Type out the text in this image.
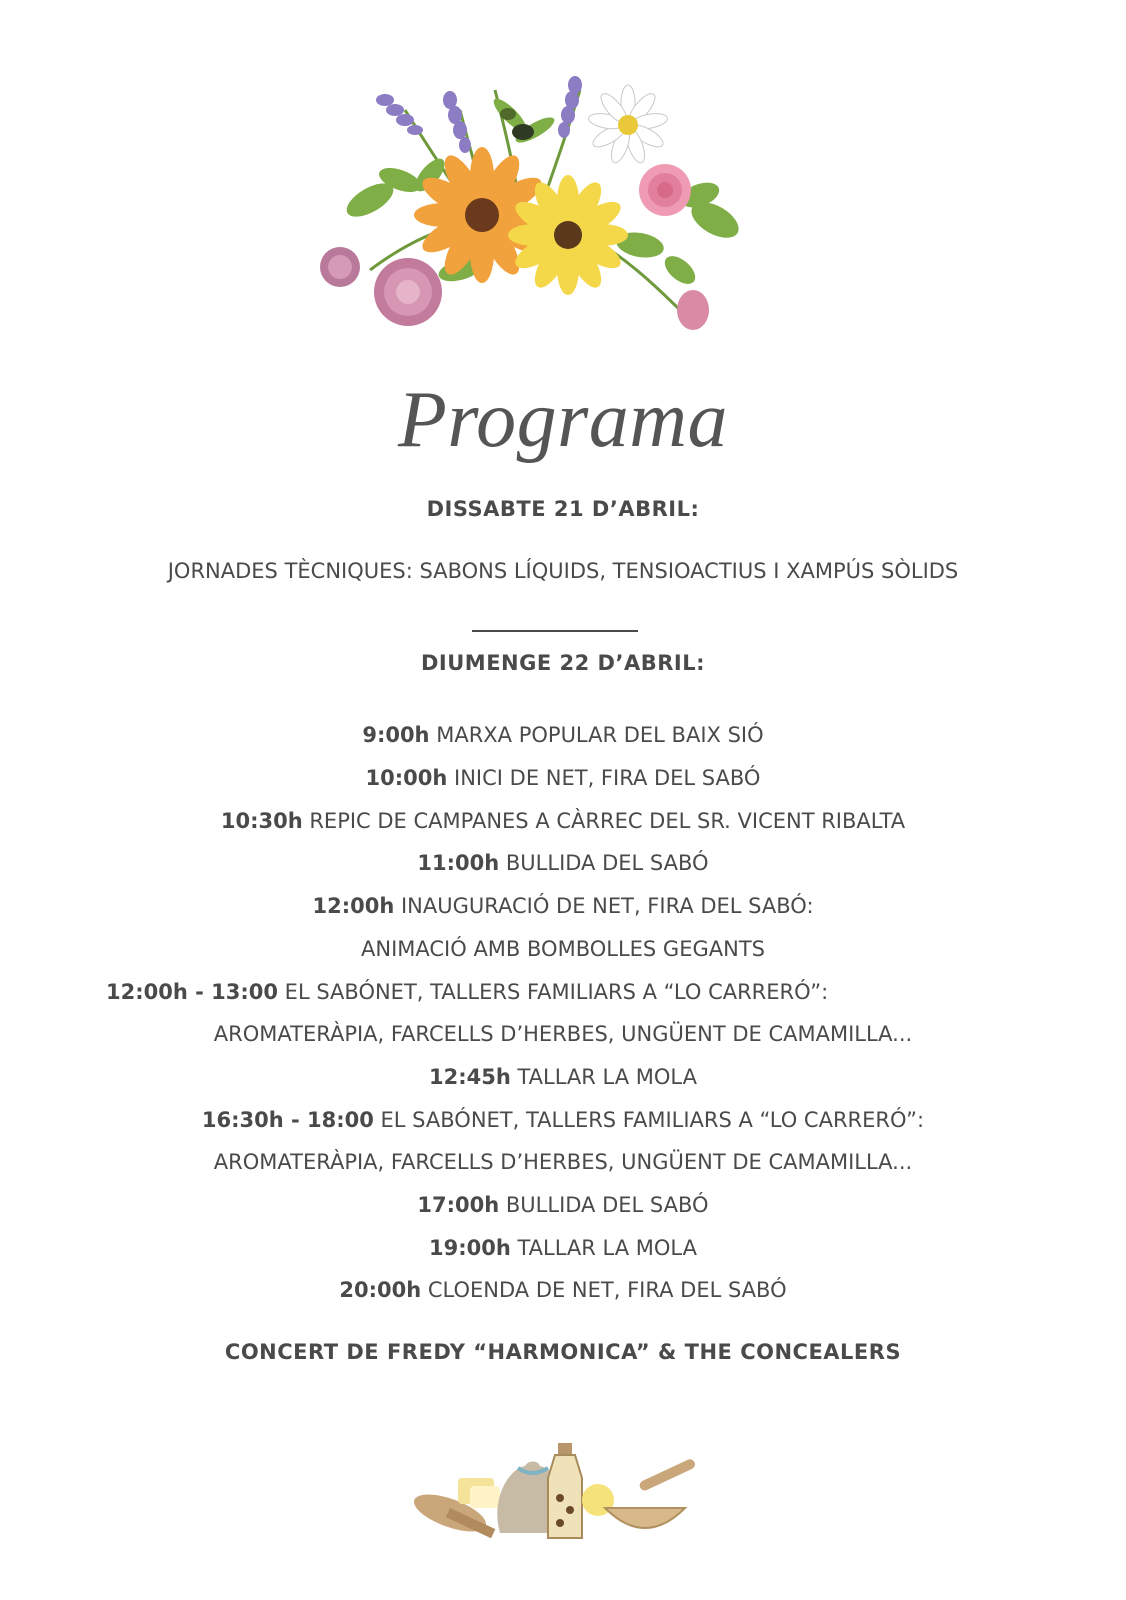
Programa
DISSABTE 21 D’ABRIL:
JORNADES TÈCNIQUES: SABONS LÍQUIDS, TENSIOACTIUS I XAMPÚS SÒLIDS
DIUMENGE 22 D’ABRIL:
9:00h MARXA POPULAR DEL BAIX SIÓ
10:00h INICI DE NET, FIRA DEL SABÓ
10:30h REPIC DE CAMPANES A CÀRREC DEL SR. VICENT RIBALTA
11:00h BULLIDA DEL SABÓ
12:00h INAUGURACIÓ DE NET, FIRA DEL SABÓ:
ANIMACIÓ AMB BOMBOLLES GEGANTS
12:00h - 13:00 EL SABÓNET, TALLERS FAMILIARS A “LO CARRERÓ”:
AROMATERÀPIA, FARCELLS D’HERBES, UNGÜENT DE CAMAMILLA...
12:45h TALLAR LA MOLA
16:30h - 18:00 EL SABÓNET, TALLERS FAMILIARS A “LO CARRERÓ”:
AROMATERÀPIA, FARCELLS D’HERBES, UNGÜENT DE CAMAMILLA...
17:00h BULLIDA DEL SABÓ
19:00h TALLAR LA MOLA
20:00h CLOENDA DE NET, FIRA DEL SABÓ
CONCERT DE FREDY “HARMONICA” & THE CONCEALERS
